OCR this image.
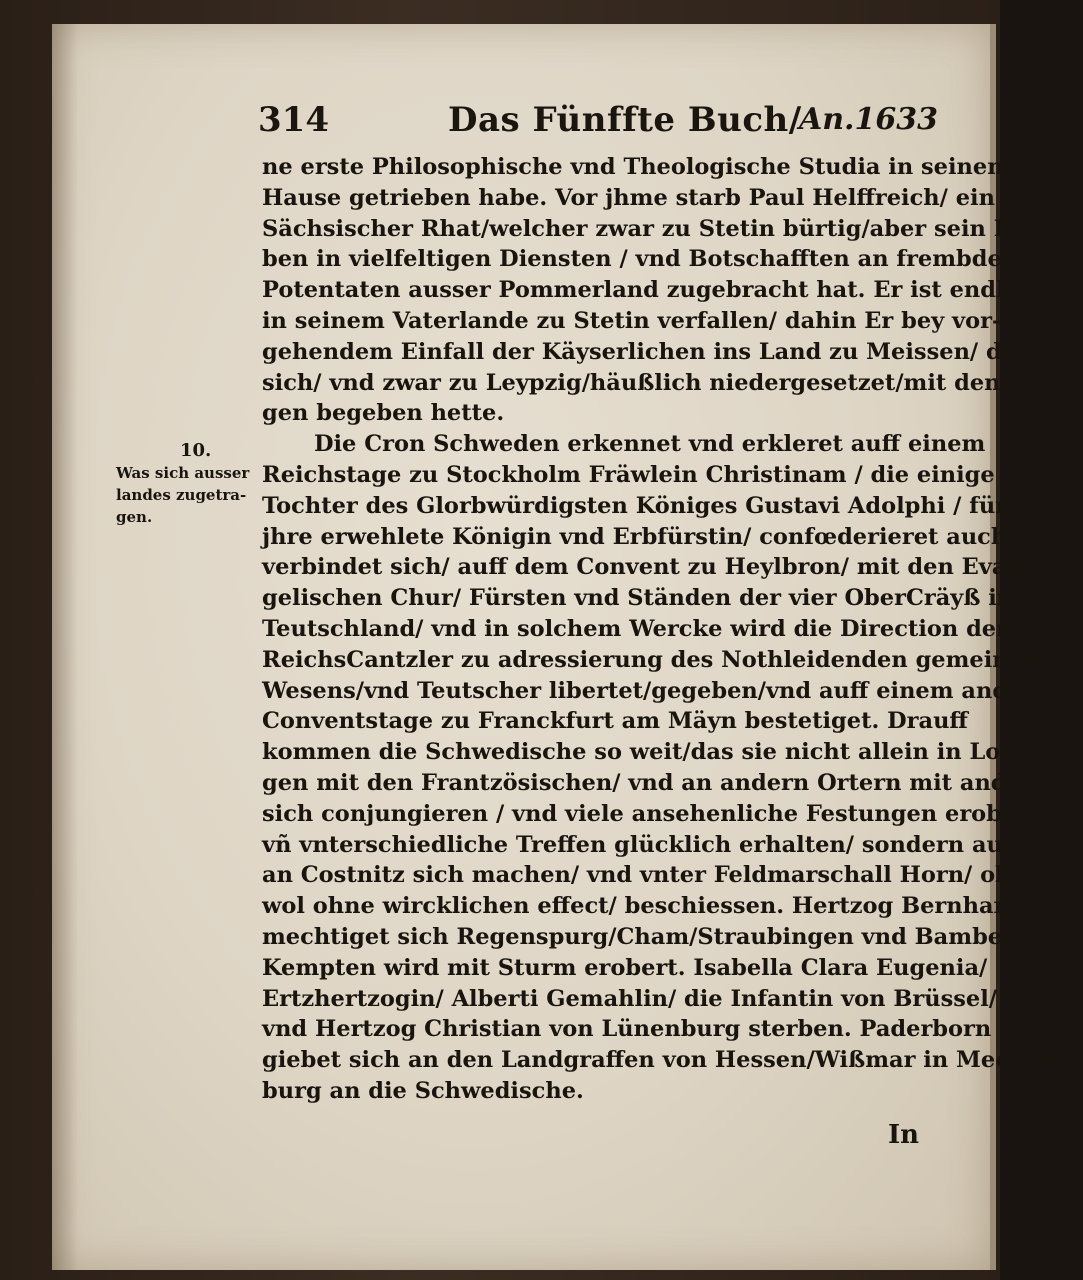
314	Das Fünffte Buch/
An.1633
10.
Was sich ausser
landes zugetra-
gen.
ne erste Philosophische vnd Theologische Studia in seinem
Hause getrieben habe. Vor jhme starb Paul Helffreich/ ein
Sächsischer Rhat/welcher zwar zu Stetin bürtig/aber sein Le-
ben in vielfeltigen Diensten / vnd Botschafften an frembde
Potentaten ausser Pommerland zugebracht hat. Er ist endlich
in seinem Vaterlande zu Stetin verfallen/ dahin Er bey vor-
gehendem Einfall der Käyserlichen ins Land zu Meissen/ da Er
sich/ vnd zwar zu Leypzig/häußlich niedergesetzet/mit den seini-
gen begeben hette.
Die Cron Schweden erkennet vnd erkleret auff einem
Reichstage zu Stockholm Fräwlein Christinam / die einige
Tochter des Glorbwürdigsten Königes Gustavi Adolphi / für
jhre erwehlete Königin vnd Erbfürstin/ confœderieret auch/vñ
verbindet sich/ auff dem Convent zu Heylbron/ mit den Evan-
gelischen Chur/ Fürsten vnd Ständen der vier OberCräyß in
Teutschland/ vnd in solchem Wercke wird die Direction dem
ReichsCantzler zu adressierung des Nothleidenden gemeinen
Wesens/vnd Teutscher libertet/gegeben/vnd auff einem andren
Conventstage zu Franckfurt am Mäyn bestetiget. Drauff
kommen die Schwedische so weit/das sie nicht allein in Lothrin-
gen mit den Frantzösischen/ vnd an andern Ortern mit andern
sich conjungieren / vnd viele ansehenliche Festungen erobern/
vñ vnterschiedliche Treffen glücklich erhalten/ sondern auch gar
an Costnitz sich machen/ vnd vnter Feldmarschall Horn/ ob
wol ohne wircklichen effect/ beschiessen. Hertzog Bernhard be-
mechtiget sich Regenspurg/Cham/Straubingen vnd Bamberg.
Kempten wird mit Sturm erobert. Isabella Clara Eugenia/
Ertzhertzogin/ Alberti Gemahlin/ die Infantin von Brüssel/
vnd Hertzog Christian von Lünenburg sterben. Paderborn er-
giebet sich an den Landgraffen von Hessen/Wißmar in Meckeln-
burg an die Schwedische.
In
